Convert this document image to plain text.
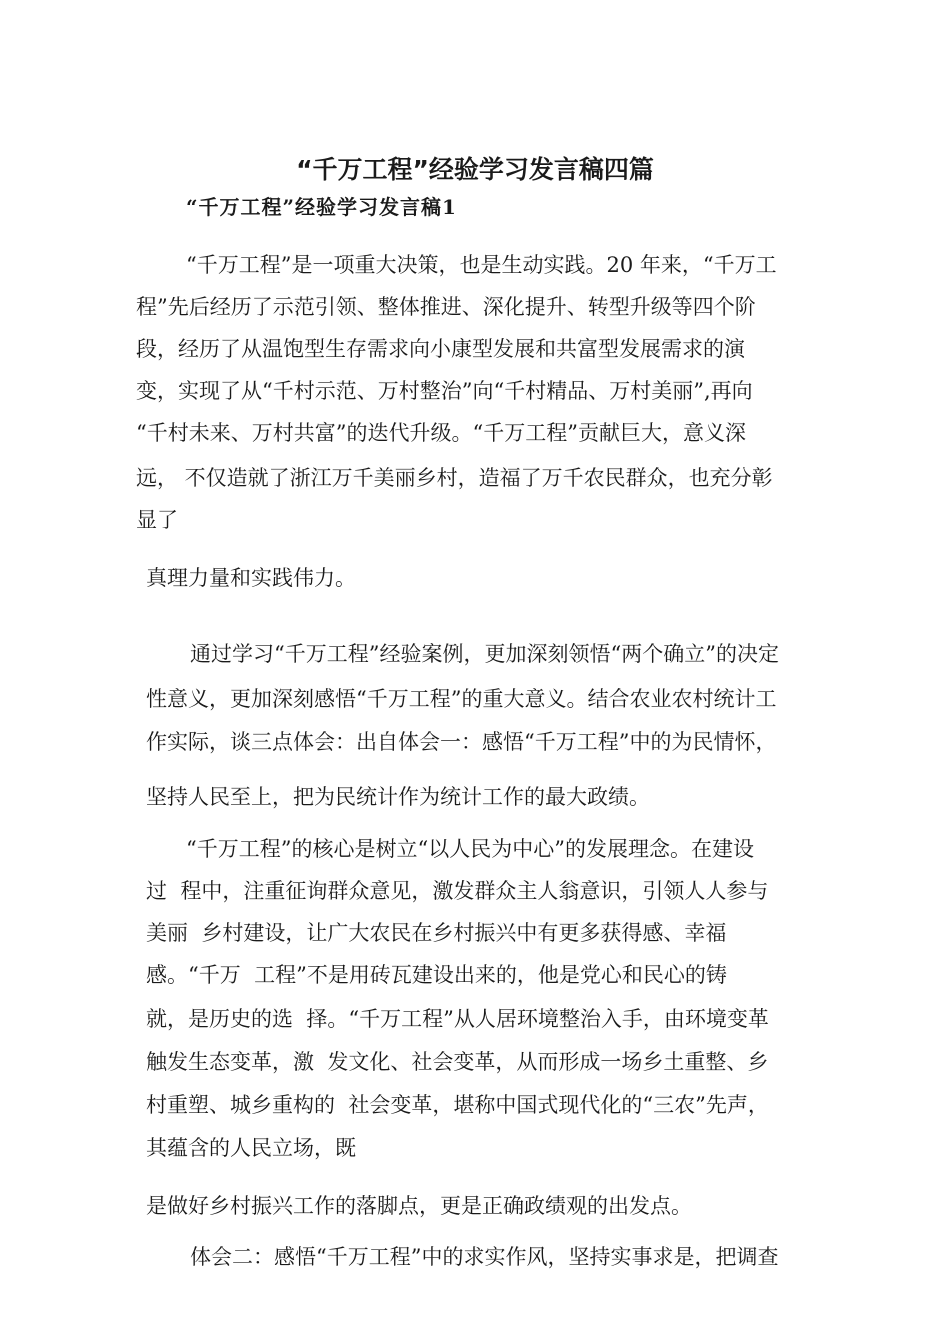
“千万工程”经验学习发言稿四篇
“千万工程”经验学习发言稿1

“千万工程”是一项重大决策，也是生动实践。20 年来，“千万工

程”先后经历了示范引领、整体推进、深化提升、转型升级等四个阶

段，经历了从温饱型生存需求向小康型发展和共富型发展需求的演

变，实现了从“千村示范、万村整治”向“千村精品、万村美丽”,再向

“千村未来、万村共富”的迭代升级。“千万工程”贡献巨大，意义深

远， 不仅造就了浙江万千美丽乡村，造福了万千农民群众，也充分彰

显了

真理力量和实践伟力。

通过学习“千万工程”经验案例，更加深刻领悟“两个确立”的决定

性意义，更加深刻感悟“千万工程”的重大意义。结合农业农村统计工

作实际，谈三点体会：出自体会一：感悟“千万工程”中的为民情怀，

坚持人民至上，把为民统计作为统计工作的最大政绩。

“千万工程”的核心是树立“以人民为中心”的发展理念。在建设

过  程中，注重征询群众意见，激发群众主人翁意识，引领人人参与

美丽  乡村建设，让广大农民在乡村振兴中有更多获得感、幸福

感。“千万  工程”不是用砖瓦建设出来的，他是党心和民心的铸

就，是历史的选  择。“千万工程”从人居环境整治入手，由环境变革

触发生态变革，激  发文化、社会变革，从而形成一场乡土重整、乡

村重塑、城乡重构的  社会变革，堪称中国式现代化的“三农”先声，

其蕴含的人民立场，既

是做好乡村振兴工作的落脚点，更是正确政绩观的出发点。

体会二：感悟“千万工程”中的求实作风，坚持实事求是，把调查
